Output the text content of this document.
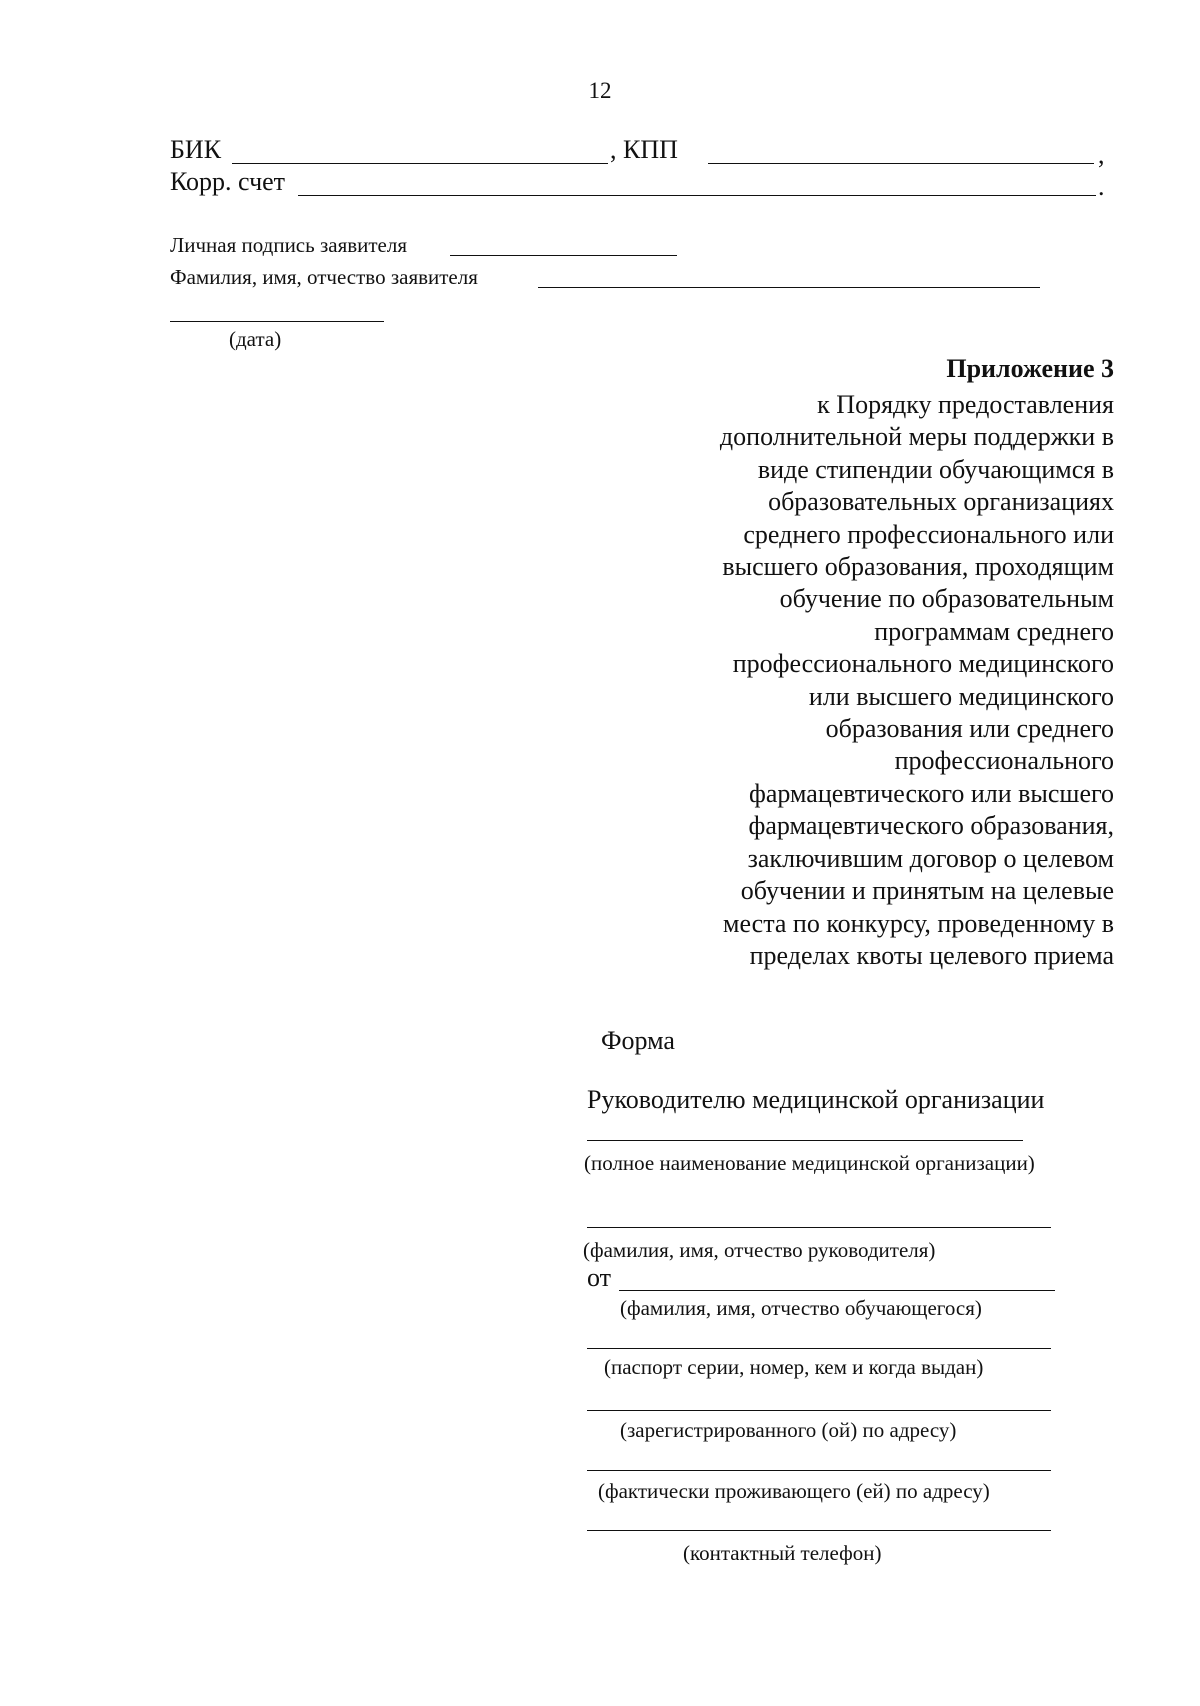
12
БИК	, КПП	,
Корр. счет	.
Личная подпись заявителя
Фамилия, имя, отчество заявителя
(дата)
Приложение 3
к Порядку предоставления
дополнительной меры поддержки в
виде стипендии обучающимся в
образовательных организациях
среднего профессионального или
высшего образования, проходящим
обучение по образовательным
программам среднего
профессионального медицинского
или высшего медицинского
образования или среднего
профессионального
фармацевтического или высшего
фармацевтического образования,
заключившим договор о целевом
обучении и принятым на целевые
места по конкурсу, проведенному в
пределах квоты целевого приема
Форма
Руководителю медицинской организации
(полное наименование медицинской организации)
(фамилия, имя, отчество руководителя)
от
(фамилия, имя, отчество обучающегося)
(паспорт серии, номер, кем и когда выдан)
(зарегистрированного (ой) по адресу)
(фактически проживающего (ей) по адресу)
(контактный телефон)
